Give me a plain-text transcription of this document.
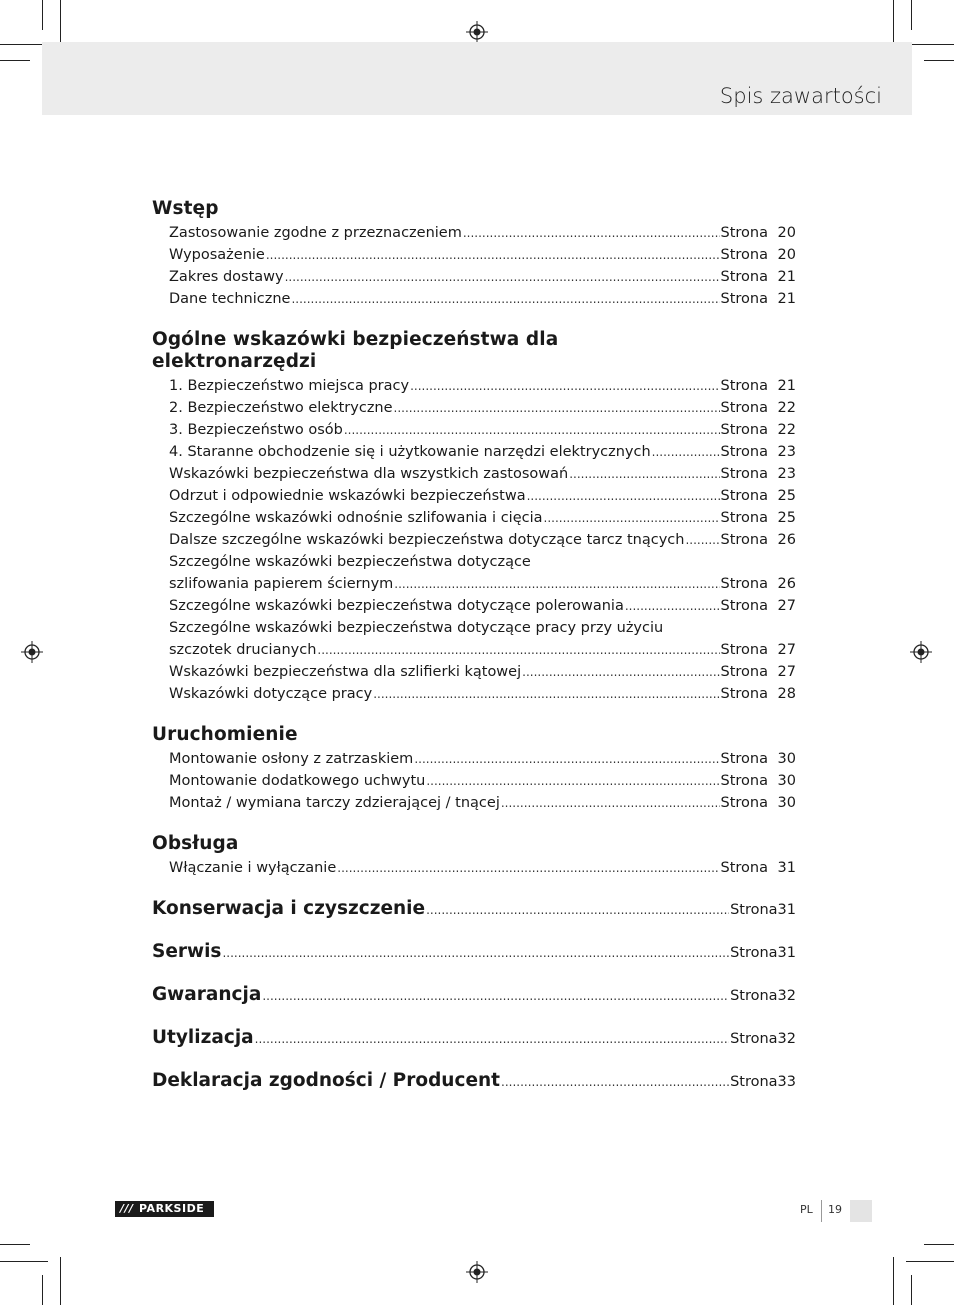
Spis zawartości
Wstęp
Zastosowanie zgodne z przeznaczeniem .....	Strona 20
Wyposażenie .....	Strona 20
Zakres dostawy .....	Strona 21
Dane techniczne .....	Strona 21
Ogólne wskazówki bezpieczeństwa dla elektronarzędzi
1. Bezpieczeństwo miejsca pracy .....	Strona 21
2. Bezpieczeństwo elektryczne .....	Strona 22
3. Bezpieczeństwo osób .....	Strona 22
4. Staranne obchodzenie się i użytkowanie narzędzi elektrycznych .....	Strona 23
Wskazówki bezpieczeństwa dla wszystkich zastosowań .....	Strona 23
Odrzut i odpowiednie wskazówki bezpieczeństwa .....	Strona 25
Szczególne wskazówki odnośnie szlifowania i cięcia .....	Strona 25
Dalsze szczególne wskazówki bezpieczeństwa dotyczące tarcz tnących ..... Strona 26
Szczególne wskazówki bezpieczeństwa dotyczące
szlifowania papierem ściernym .....	Strona 26
Szczególne wskazówki bezpieczeństwa dotyczące polerowania .....	Strona 27
Szczególne wskazówki bezpieczeństwa dotyczące pracy przy użyciu
szczotek drucianych .....	Strona 27
Wskazówki bezpieczeństwa dla szlifierki kątowej .....	Strona 27
Wskazówki dotyczące pracy .....	Strona 28
Uruchomienie
Montowanie osłony z zatrzaskiem .....	Strona 30
Montowanie dodatkowego uchwytu .....	Strona 30
Montaż / wymiana tarczy zdzierającej / tnącej .....	Strona 30
Obsługa
Włączanie i wyłączanie .....	Strona 31
Konserwacja i czyszczenie .....	Strona 31
Serwis .....	Strona 31
Gwarancja .....	Strona 32
Utylizacja .....	Strona 32
Deklaracja zgodności / Producent .....	Strona 33
/// PARKSIDE	PL 19
